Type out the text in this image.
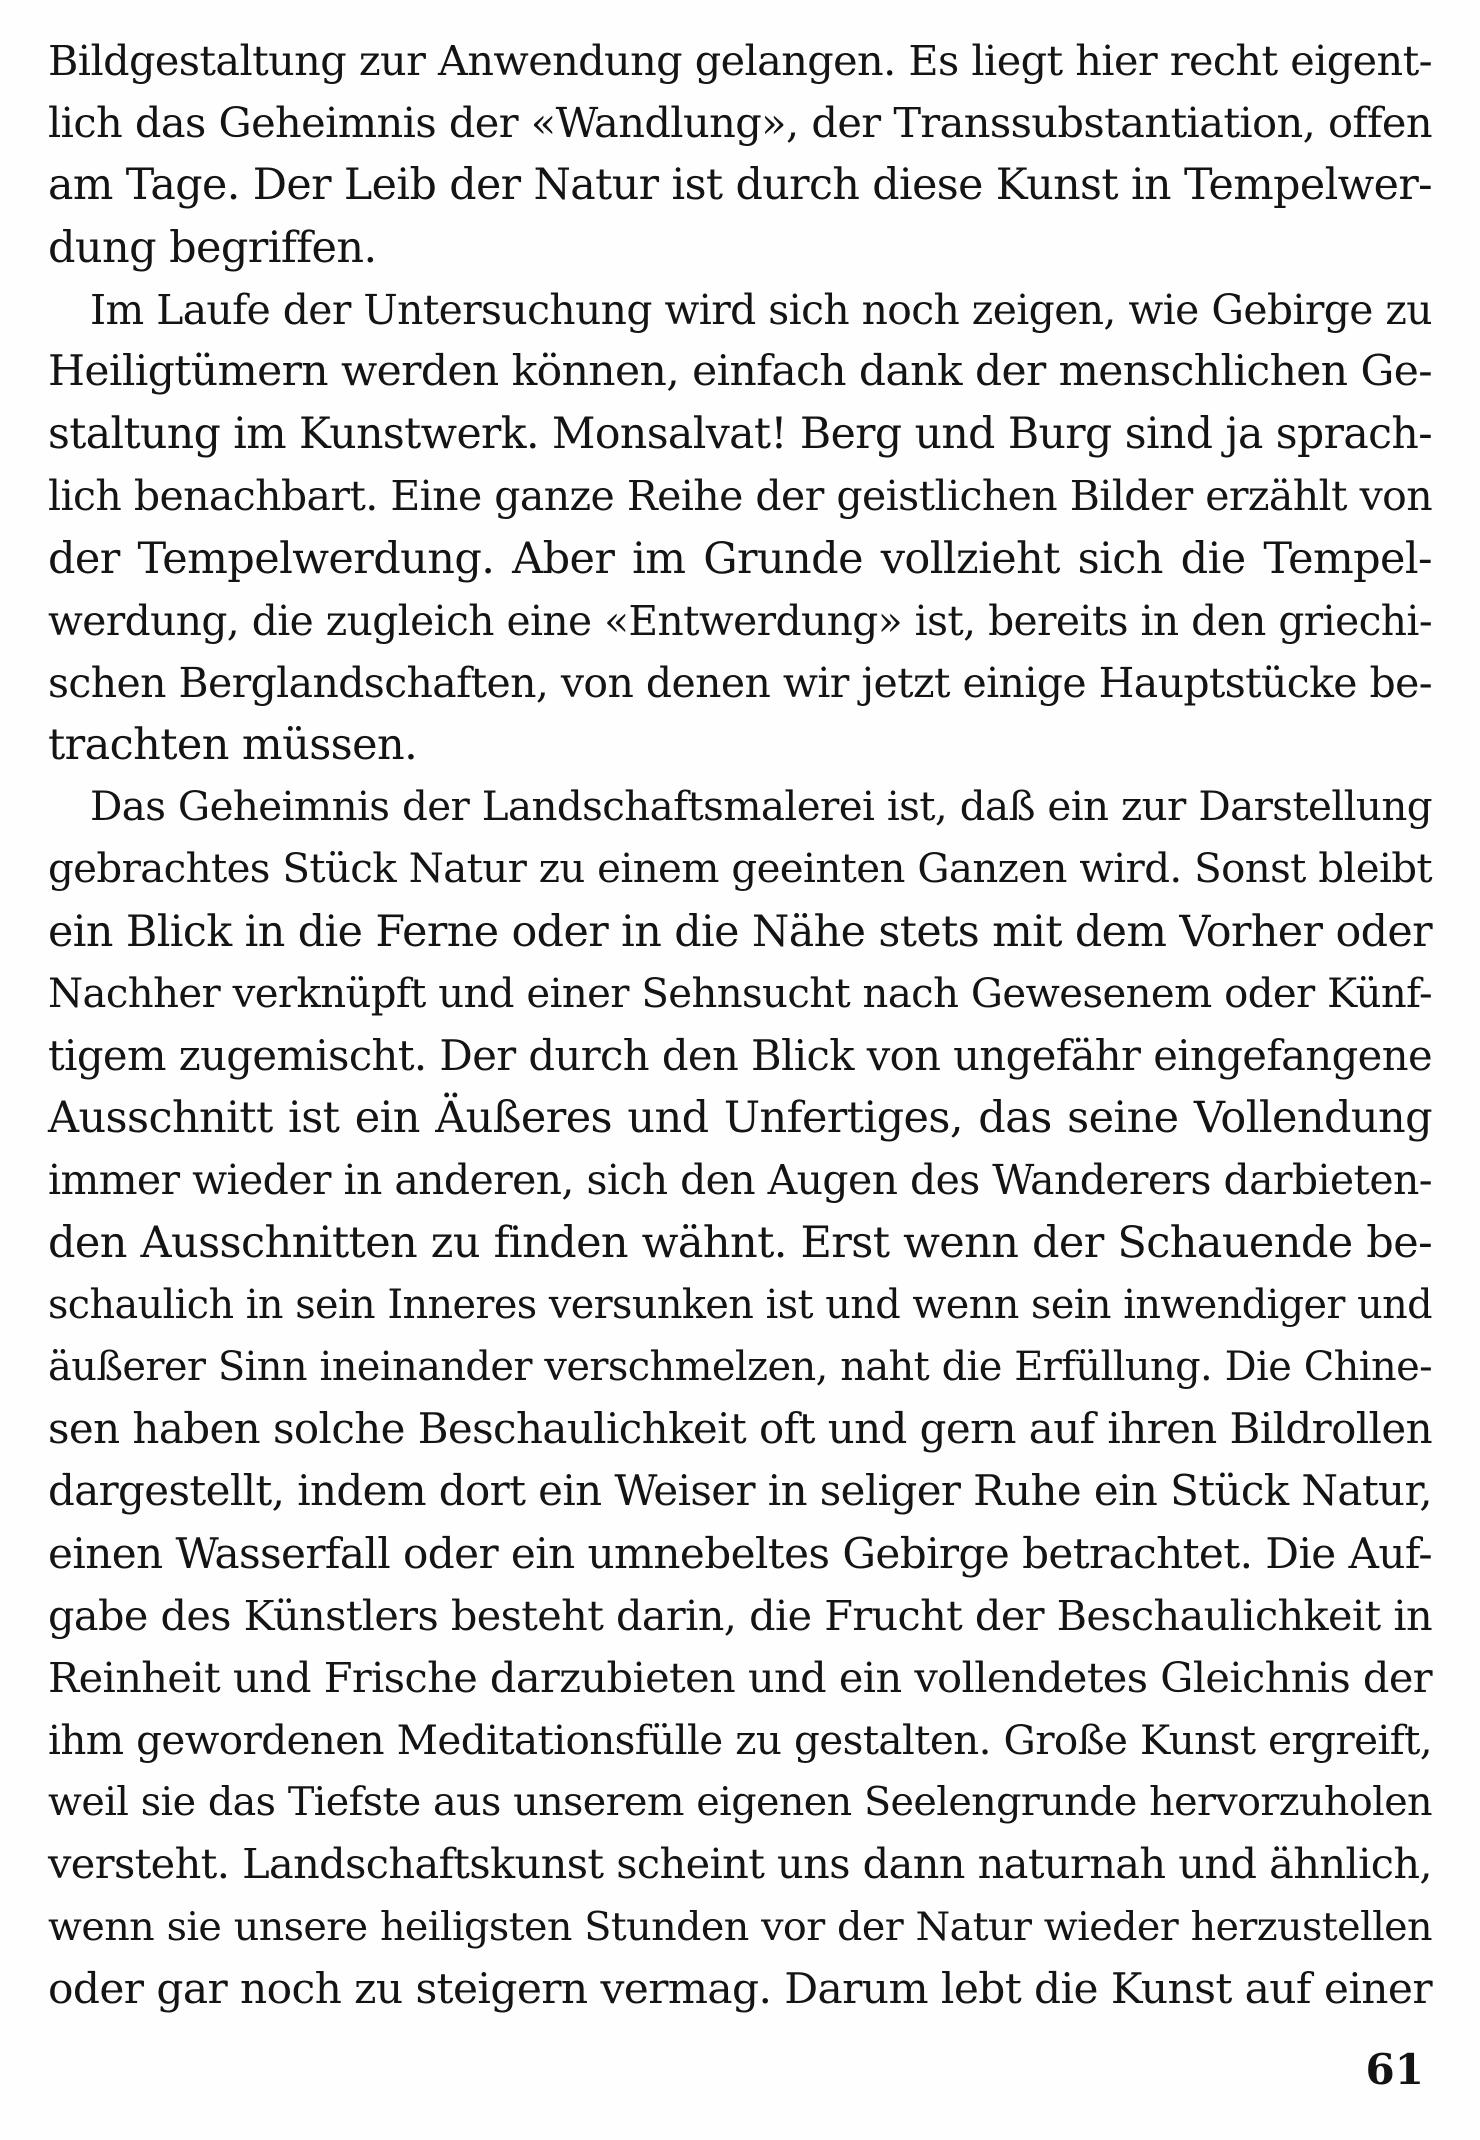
Bildgestaltung zur Anwendung gelangen. Es liegt hier recht eigent-
lich das Geheimnis der «Wandlung», der Transsubstantiation, offen
am Tage. Der Leib der Natur ist durch diese Kunst in Tempelwer-
dung begriffen.
Im Laufe der Untersuchung wird sich noch zeigen, wie Gebirge zu
Heiligtümern werden können, einfach dank der menschlichen Ge-
staltung im Kunstwerk. Monsalvat! Berg und Burg sind ja sprach-
lich benachbart. Eine ganze Reihe der geistlichen Bilder erzählt von
der Tempelwerdung. Aber im Grunde vollzieht sich die Tempel-
werdung, die zugleich eine «Entwerdung» ist, bereits in den griechi-
schen Berglandschaften, von denen wir jetzt einige Hauptstücke be-
trachten müssen.
Das Geheimnis der Landschaftsmalerei ist, daß ein zur Darstellung
gebrachtes Stück Natur zu einem geeinten Ganzen wird. Sonst bleibt
ein Blick in die Ferne oder in die Nähe stets mit dem Vorher oder
Nachher verknüpft und einer Sehnsucht nach Gewesenem oder Künf-
tigem zugemischt. Der durch den Blick von ungefähr eingefangene
Ausschnitt ist ein Äußeres und Unfertiges, das seine Vollendung
immer wieder in anderen, sich den Augen des Wanderers darbieten-
den Ausschnitten zu finden wähnt. Erst wenn der Schauende be-
schaulich in sein Inneres versunken ist und wenn sein inwendiger und
äußerer Sinn ineinander verschmelzen, naht die Erfüllung. Die Chine-
sen haben solche Beschaulichkeit oft und gern auf ihren Bildrollen
dargestellt, indem dort ein Weiser in seliger Ruhe ein Stück Natur,
einen Wasserfall oder ein umnebeltes Gebirge betrachtet. Die Auf-
gabe des Künstlers besteht darin, die Frucht der Beschaulichkeit in
Reinheit und Frische darzubieten und ein vollendetes Gleichnis der
ihm gewordenen Meditationsfülle zu gestalten. Große Kunst ergreift,
weil sie das Tiefste aus unserem eigenen Seelengrunde hervorzuholen
versteht. Landschaftskunst scheint uns dann naturnah und ähnlich,
wenn sie unsere heiligsten Stunden vor der Natur wieder herzustellen
oder gar noch zu steigern vermag. Darum lebt die Kunst auf einer
61
